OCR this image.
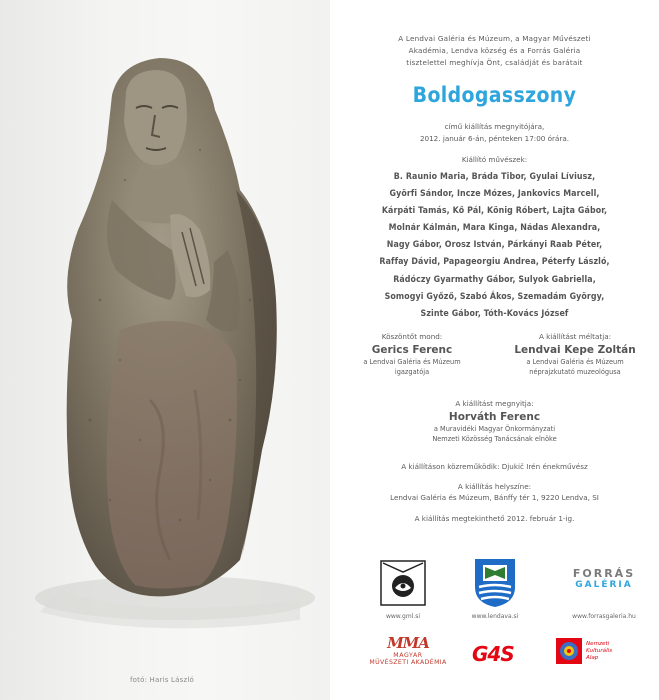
fotó: Haris László
A Lendvai Galéria és Múzeum, a Magyar Művészeti
Akadémia, Lendva község és a Forrás Galéria
tisztelettel meghívja Önt, családját és barátait
Boldogasszony
című kiállítás megnyitójára,
2012. január 6-án, pénteken 17:00 órára.
Kiállító művészek:
B. Raunio Maria, Bráda Tibor, Gyulai Líviusz,
Györfi Sándor, Incze Mózes, Jankovics Marcell,
Kárpáti Tamás, Kő Pál, König Róbert, Lajta Gábor,
Molnár Kálmán, Mara Kinga, Nádas Alexandra,
Nagy Gábor, Orosz István, Párkányi Raab Péter,
Raffay Dávid, Papageorgiu Andrea, Péterfy László,
Rádóczy Gyarmathy Gábor, Sulyok Gabriella,
Somogyi Győző, Szabó Ákos, Szemadám György,
Szinte Gábor, Tóth-Kovács József
Köszöntőt mond:
Gerics Ferenc
a Lendvai Galéria és Múzeum
igazgatója
A kiállítást méltatja:
Lendvai Kepe Zoltán
a Lendvai Galéria és Múzeum
néprajzkutató muzeológusa
A kiállítást megnyitja:
Horváth Ferenc
a Muravidéki Magyar Önkormányzati
Nemzeti Közösség Tanácsának elnöke
A kiállításon közreműködik: Djukič Irén énekművész
A kiállítás helyszíne:
Lendvai Galéria és Múzeum, Bánffy tér 1, 9220 Lendva, SI
A kiállítás megtekinthető 2012. február 1-ig.
www.gml.si	www.lendava.si
FORRÁS
GALÉRIA
www.forrasgaleria.hu
MMA
MAGYAR
MŰVÉSZETI AKADÉMIA	G4S	Nemzeti
Kulturális
Alap
